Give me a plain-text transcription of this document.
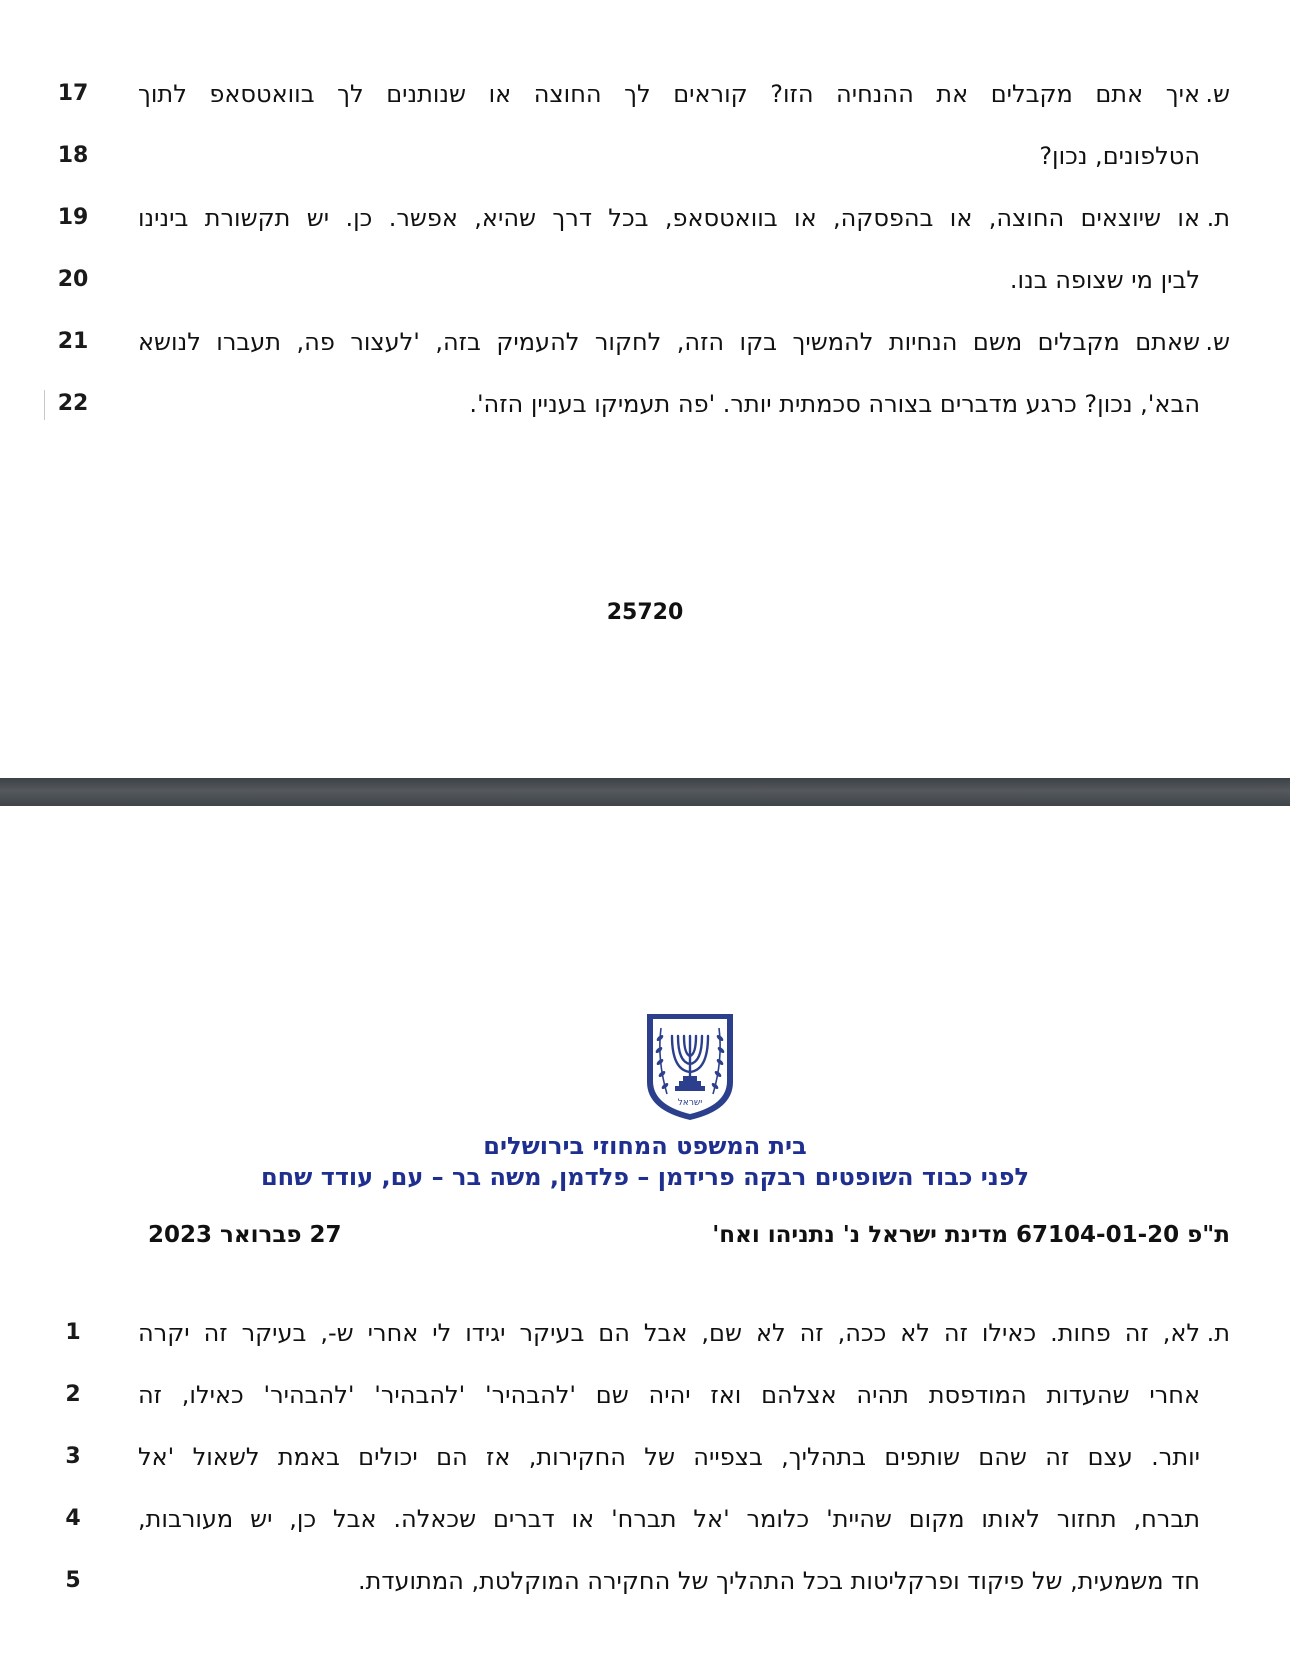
17	ש.
איך אתם מקבלים את ההנחיה הזו? קוראים לך החוצה או שנותנים לך בוואטסאפ לתוך
18	הטלפונים, נכון?
19	ת.
או שיוצאים החוצה, או בהפסקה, או בוואטסאפ, בכל דרך שהיא, אפשר. כן. יש תקשורת בינינו
20	לבין מי שצופה בנו.
21	ש.
שאתם מקבלים משם הנחיות להמשיך בקו הזה, לחקור להעמיק בזה, 'לעצור פה, תעברו לנושא
22	הבא', נכון? כרגע מדברים בצורה סכמתית יותר. 'פה תעמיקו בעניין הזה'.
25720
ישראל
בית המשפט המחוזי בירושלים
לפני כבוד השופטים רבקה פרידמן – פלדמן, משה בר – עם, עודד שחם
ת"פ 67104-01-20 מדינת ישראל נ' נתניהו ואח'
27 פברואר 2023
1	ת.
לא, זה פחות. כאילו זה לא ככה, זה לא שם, אבל הם בעיקר יגידו לי אחרי ש-, בעיקר זה יקרה
2	אחרי שהעדות המודפסת תהיה אצלהם ואז יהיה שם 'להבהיר' 'להבהיר' 'להבהיר' כאילו, זה
3	יותר. עצם זה שהם שותפים בתהליך, בצפייה של החקירות, אז הם יכולים באמת לשאול 'אל
4	תברח, תחזור לאותו מקום שהיית' כלומר 'אל תברח' או דברים שכאלה. אבל כן, יש מעורבות,
5	חד משמעית, של פיקוד ופרקליטות בכל התהליך של החקירה המוקלטת, המתועדת.
